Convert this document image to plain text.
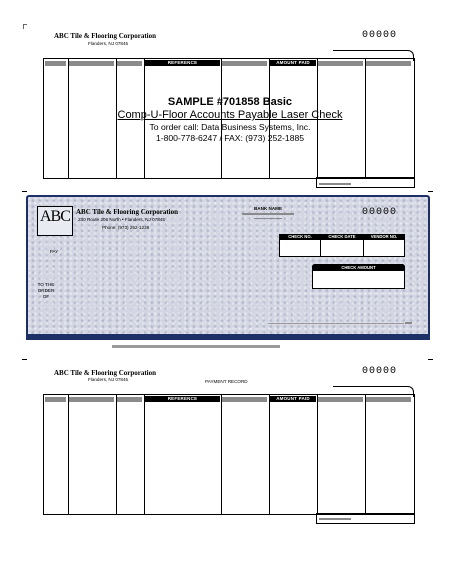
ABC Tile & Flooring Corporation
Flanders, NJ 07845
00000
REFERENCE	AMOUNT PAID
SAMPLE #701858 Basic
Comp-U-Floor Accounts Payable Laser Check
To order call: Data Business Systems, Inc.
1-800-778-6247 / FAX: (973) 252-1885
ABC ABC Tile & Flooring Corporation
230 Route 206 North • Flanders, NJ 07845
Phone: (973) 252-1236
BANK NAME	00000
CHECK NO.	CHECK DATE	VENDOR NO.
CHECK AMOUNT
PAY
TO THE
ORDER
OF
ABC Tile & Flooring Corporation
Flanders, NJ 07845	PAYMENT RECORD
00000
REFERENCE	AMOUNT PAID
